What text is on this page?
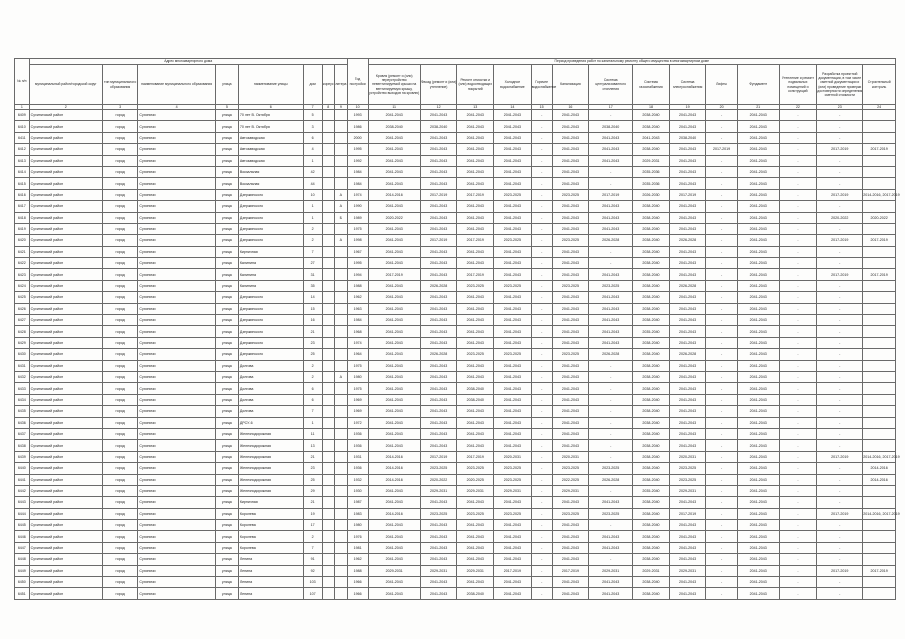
№ п/п	Адрес многоквартирного дома								Год постройки	Период проведения работ по капитальному ремонту общего имущества в многоквартирном доме													
	муниципальный район/городской округ	тип муниципального образования	наименование муниципального образования	улица	наименование улицы	дом	корпус	литера		Кровля (ремонт и (или) переустройство невентилируемой крыши на вентилируемую крышу, устройство выходов на кровлю)	Фасад (ремонт и (или) утепление)	Ремонт отмостки и (или) водоотводящих покрытий	Холодное водоснабжение	Горячее водоснабжение	Канализация	Система централизованного отопления	Система газоснабжения	Система электроснабжения	Лифты	Фундамент	Утепление и ремонт подвальных помещений и конструкций	Разработка проектной документации, в том числе сметной документации и (или) проведение проверки достоверности определения сметной стоимости	Строительный контроль
1	2	3	4	5	6	7	8	9	10	11	12	13	14	15	16	17	18	19	20	21	22	23	24
6409	Сухиничский район	город	Сухиничи	улица	70 лет В. Октября	5			1993	2041-2043	2041-2043	2041-2043	2041-2043	-	2041-2043	-	2038-2040	2041-2043	-	2041-2043	-	-	
6410	Сухиничский район	город	Сухиничи	улица	70 лет В. Октября	3			1986	2038-2040	2038-2040	2041-2043	2041-2043	-	2041-2043	2038-2040	2038-2040	2041-2043	-	2041-2043	-	-	
6411	Сухиничский район	город	Сухиничи	улица	Автозаводская	6			2000	2041-2043	2041-2043	2041-2043	2041-2043	-	2041-2043	2041-2043	2041-2043	2038-2040	-	2041-2043	-	-	
6412	Сухиничский район	город	Сухиничи	улица	Автозаводская	4			1995	2041-2043	2041-2043	2041-2043	2041-2043	-	2041-2043	2041-2043	2038-2040	2041-2043	2017-2019	2041-2043	-	2017-2019	2017-2019
6413	Сухиничский район	город	Сухиничи	улица	Автозаводская	1			1992	2041-2043	2041-2043	2041-2043	2041-2043	-	2041-2043	2041-2043	2029-2031	2041-2043	-	2041-2043	-	-	
6414	Сухиничский район	город	Сухиничи	улица	Вокзальная	42			1984	2041-2043	2041-2043	2041-2043	2041-2043	-	2041-2043	-	2035-2036	2041-2043	-	2041-2043	-	-	
6415	Сухиничский район	город	Сухиничи	улица	Вокзальная	44			1984	2041-2043	2041-2043	2041-2043	2041-2043	-	2041-2043	-	2035-2036	2041-2043	-	2041-2043	-	-	
6416	Сухиничский район	город	Сухиничи	улица	Дзержинского	10		А	1974	2014-2016	2017-2019	2017-2019	2023-2025	-	2023-2025	2017-2019	2026-2030	2017-2019	-	2041-2043	-	2017-2019	2014-2016, 2017-2019
6417	Сухиничский район	город	Сухиничи	улица	Дзержинского	1		А	1990	2041-2043	2041-2043	2041-2043	2041-2043	-	2041-2043	2041-2043	2038-2040	2041-2043	-	2041-2043	-	-	
6418	Сухиничский район	город	Сухиничи	улица	Дзержинского	1		Б	1989	2020-2022	2041-2043	2041-2043	2041-2043	-	2041-2043	2041-2043	2038-2040	2041-2043	-	2041-2043	-	2020-2022	2020-2022
6419	Сухиничский район	город	Сухиничи	улица	Дзержинского	2			1975	2041-2043	2041-2043	2041-2043	2041-2043	-	2041-2043	2041-2043	2038-2040	2041-2043	-	2041-2043	-	-	
6420	Сухиничский район	город	Сухиничи	улица	Дзержинского	2		А	1998	2041-2043	2017-2019	2017-2019	2023-2025	-	2023-2025	2026-2028	2038-2040	2026-2028	-	2041-2043	-	2017-2019	2017-2019
6421	Сухиничский район	город	Сухиничи	улица	Кирпичная	7			1967	2041-2043	2041-2043	2041-2043	2041-2043	-	2041-2043	-	2038-2040	2041-2043	-	2041-2043	-	-	
6422	Сухиничский район	город	Сухиничи	улица	Калинина	27			1995	2041-2043	2041-2043	2041-2043	2041-2043	-	2041-2043	-	2038-2040	2041-2043	-	2041-2043	-	-	
6423	Сухиничский район	город	Сухиничи	улица	Калинина	31			1994	2017-2019	2041-2043	2017-2019	2041-2043	-	2041-2043	2041-2043	2038-2040	2041-2043	-	2041-2043	-	2017-2019	2017-2019
6424	Сухиничский район	город	Сухиничи	улица	Калинина	35			1988	2041-2043	2026-2028	2023-2025	2023-2025	-	2023-2025	2023-2025	2038-2040	2026-2028	-	2041-2043	-	-	
6425	Сухиничский район	город	Сухиничи	улица	Дзержинского	14			1962	2041-2043	2041-2043	2041-2043	2041-2043	-	2041-2043	2041-2043	2038-2040	2041-2043	-	2041-2043	-	-	
6426	Сухиничский район	город	Сухиничи	улица	Дзержинского	15			1963	2041-2043	2041-2043	2041-2043	2041-2043	-	2041-2043	2041-2043	2038-2040	2041-2043	-	2041-2043	-	-	
6427	Сухиничский район	город	Сухиничи	улица	Дзержинского	16			1984	2041-2043	2041-2043	2041-2043	2041-2043	-	2041-2043	2041-2043	2038-2040	2041-2043	-	2041-2043	-	-	
6428	Сухиничский район	город	Сухиничи	улица	Дзержинского	21			1968	2041-2043	2041-2043	2041-2043	2041-2043	-	2041-2043	2041-2043	2035-2040	2041-2043	-	2041-2043	-	-	
6429	Сухиничский район	город	Сухиничи	улица	Дзержинского	23			1974	2041-2043	2041-2043	2041-2043	2041-2043	-	2041-2043	2041-2043	2038-2040	2041-2043	-	2041-2043	-	-	
6430	Сухиничский район	город	Сухиничи	улица	Дзержинского	25			1964	2041-2043	2026-2028	2023-2025	2023-2025	-	2023-2025	2026-2028	2038-2040	2026-2028	-	2041-2043	-	-	
6431	Сухиничский район	город	Сухиничи	улица	Долгова	2			1975	2041-2043	2041-2043	2041-2043	2041-2043	-	2041-2043	-	2038-2040	2041-2043	-	2041-2043	-	-	
6432	Сухиничский район	город	Сухиничи	улица	Долгова	2		А	1980	2041-2043	2041-2043	2041-2043	2041-2043	-	2041-2043	-	2038-2040	2041-2043	-	2041-2043	-	-	
6433	Сухиничский район	город	Сухиничи	улица	Долгова	6			1975	2041-2043	2041-2043	2038-2040	2041-2043	-	2041-2043	-	2038-2040	2041-2043	-	2041-2043	-	-	
6434	Сухиничский район	город	Сухиничи	улица	Долгова	6			1969	2041-2043	2041-2043	2038-2040	2041-2043	-	2041-2043	-	2038-2040	2041-2043	-	2041-2043	-	-	
6435	Сухиничский район	город	Сухиничи	улица	Долгова	7			1969	2041-2043	2041-2043	2041-2043	2041-2043	-	2041-2043	-	2038-2040	2041-2043	-	2041-2043	-	-	
6436	Сухиничский район	город	Сухиничи	улица	ДРСУ-6	1			1972	2041-2043	2041-2043	2041-2043	2041-2043	-	2041-2043	-	2038-2040	2041-2043	-	2041-2043	-	-	
6437	Сухиничский район	город	Сухиничи	улица	Железнодорожная	11			1936	2041-2043	2041-2043	2041-2043	2041-2043	-	2041-2043	-	2038-2040	2041-2043	-	2041-2043	-	-	
6438	Сухиничский район	город	Сухиничи	улица	Железнодорожная	13			1936	2041-2043	2041-2043	2041-2043	2041-2043	-	2041-2043	-	2038-2040	2041-2043	-	2041-2043	-	-	
6439	Сухиничский район	город	Сухиничи	улица	Железнодорожная	21			1931	2014-2016	2017-2019	2017-2019	2020-2031	-	2020-2031	-	2038-2040	2020-2031	-	2041-2043	-	2017-2019	2014-2016, 2017-2019
6440	Сухиничский район	город	Сухиничи	улица	Железнодорожная	23			1936	2014-2016	2023-2025	2023-2025	2023-2025	-	2023-2025	2023-2025	2038-2040	2023-2025	-	2041-2043	-	-	2014-2016
6441	Сухиничский район	город	Сухиничи	улица	Железнодорожная	25			1932	2014-2016	2020-2022	2020-2025	2023-2025	-	2022-2025	2026-2028	2038-2040	2023-2025	-	2041-2043	-	-	2014-2016
6442	Сухиничский район	город	Сухиничи	улица	Железнодорожная	29			1930	2041-2043	2029-2031	2029-2031	2029-2031	-	2029-2031	-	2035-2040	2029-2031	-	2041-2043	-	-	
6443	Сухиничский район	город	Сухиничи	улица	Кирпичная	21			1987	2041-2043	2041-2043	2041-2043	2041-2043	-	2041-2043	2041-2043	2038-2040	2041-2043	-	2041-2043	-	-	
6444	Сухиничский район	город	Сухиничи	улица	Королева	19			1983	2014-2016	2023-2025	2023-2025	2023-2025	-	2023-2025	2023-2025	2038-2040	2017-2019	-	2041-2043	-	2017-2019	2014-2016, 2017-2019
6445	Сухиничский район	город	Сухиничи	улица	Королева	17			1980	2041-2043	2041-2043	2041-2043	2041-2043	-	2041-2043	-	2038-2040	2041-2043	-	2041-2043	-	-	
6446	Сухиничский район	город	Сухиничи	улица	Королева	2			1976	2041-2043	2041-2043	2041-2043	2041-2043	-	2041-2043	2041-2043	2038-2040	2041-2043	-	2041-2043	-	-	
6447	Сухиничский район	город	Сухиничи	улица	Королева	7			1981	2041-2043	2041-2043	2041-2043	2041-2043	-	2041-2043	2041-2043	2038-2040	2041-2043	-	2041-2043	-	-	
6448	Сухиничский район	город	Сухиничи	улица	Ленина	91			1962	2041-2043	2041-2043	2041-2043	2041-2043	-	2041-2043	-	2038-2040	2041-2043	-	2041-2043	-	-	
6449	Сухиничский район	город	Сухиничи	улица	Ленина	92			1988	2029-2031	2029-2031	2029-2031	2017-2019	-	2017-2019	2029-2031	2029-2031	2029-2031	-	2041-2043	-	2017-2019	2017-2019
6450	Сухиничский район	город	Сухиничи	улица	Ленина	103			1966	2041-2043	2041-2043	2041-2043	2041-2043	-	2041-2043	2041-2043	2038-2040	2041-2043	-	2041-2043	-	-	
6451	Сухиничский район	город	Сухиничи	улица	Ленина	107			1966	2041-2043	2041-2043	2038-2040	2041-2043	-	2041-2043	2041-2043	2038-2040	2041-2043	-	2041-2043	-	-	
